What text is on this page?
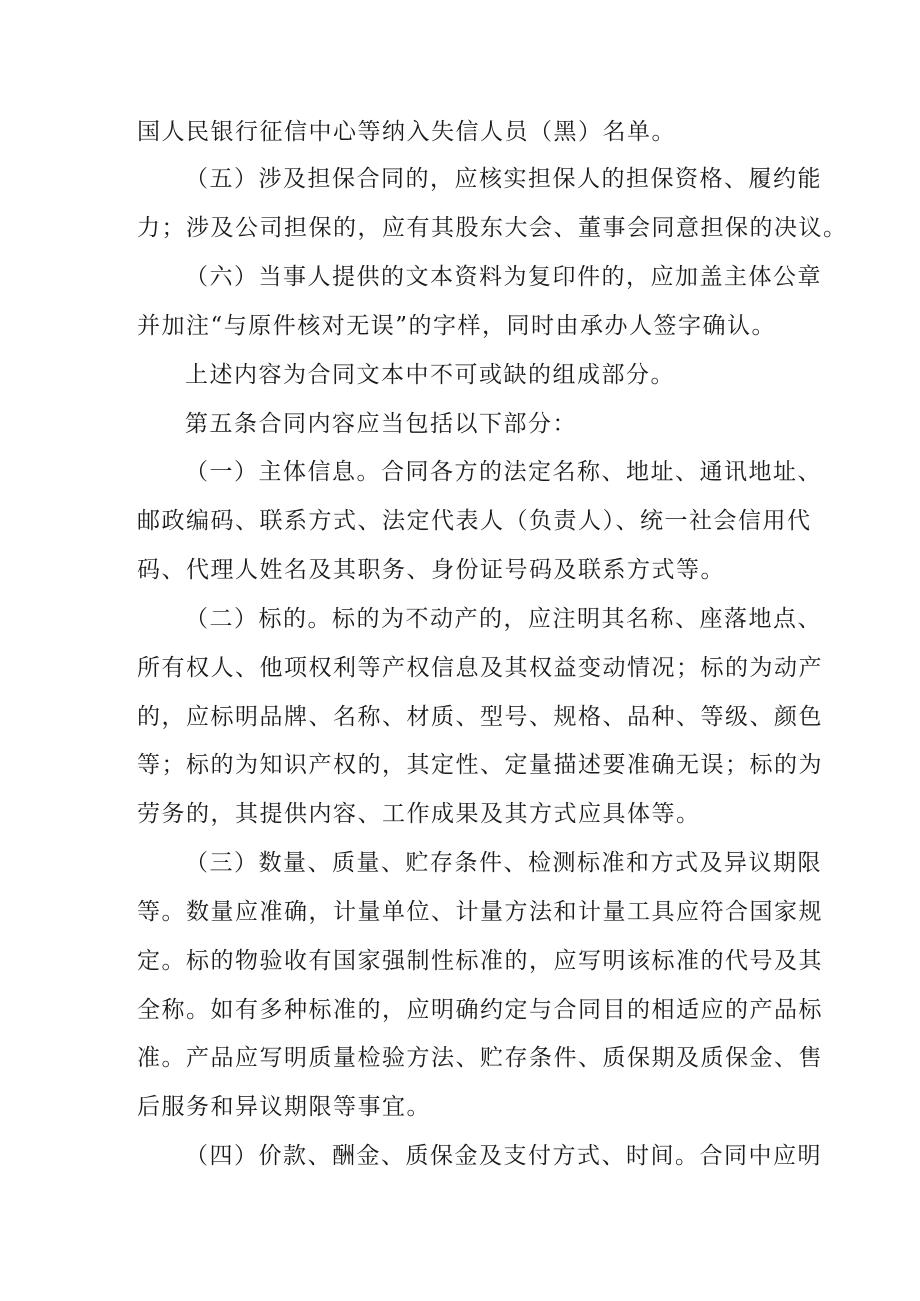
国人民银行征信中心等纳入失信人员（黑）名单。
（五）涉及担保合同的，应核实担保人的担保资格、履约能
力；涉及公司担保的，应有其股东大会、董事会同意担保的决议。
（六）当事人提供的文本资料为复印件的，应加盖主体公章
并加注“与原件核对无误”的字样，同时由承办人签字确认。
上述内容为合同文本中不可或缺的组成部分。
第五条合同内容应当包括以下部分：
（一）主体信息。合同各方的法定名称、地址、通讯地址、
邮政编码、联系方式、法定代表人（负责人）、统一社会信用代
码、代理人姓名及其职务、身份证号码及联系方式等。
（二）标的。标的为不动产的，应注明其名称、座落地点、
所有权人、他项权利等产权信息及其权益变动情况；标的为动产
的，应标明品牌、名称、材质、型号、规格、品种、等级、颜色
等；标的为知识产权的，其定性、定量描述要准确无误；标的为
劳务的，其提供内容、工作成果及其方式应具体等。
（三）数量、质量、贮存条件、检测标准和方式及异议期限
等。数量应准确，计量单位、计量方法和计量工具应符合国家规
定。标的物验收有国家强制性标准的，应写明该标准的代号及其
全称。如有多种标准的，应明确约定与合同目的相适应的产品标
准。产品应写明质量检验方法、贮存条件、质保期及质保金、售
后服务和异议期限等事宜。
（四）价款、酬金、质保金及支付方式、时间。合同中应明
